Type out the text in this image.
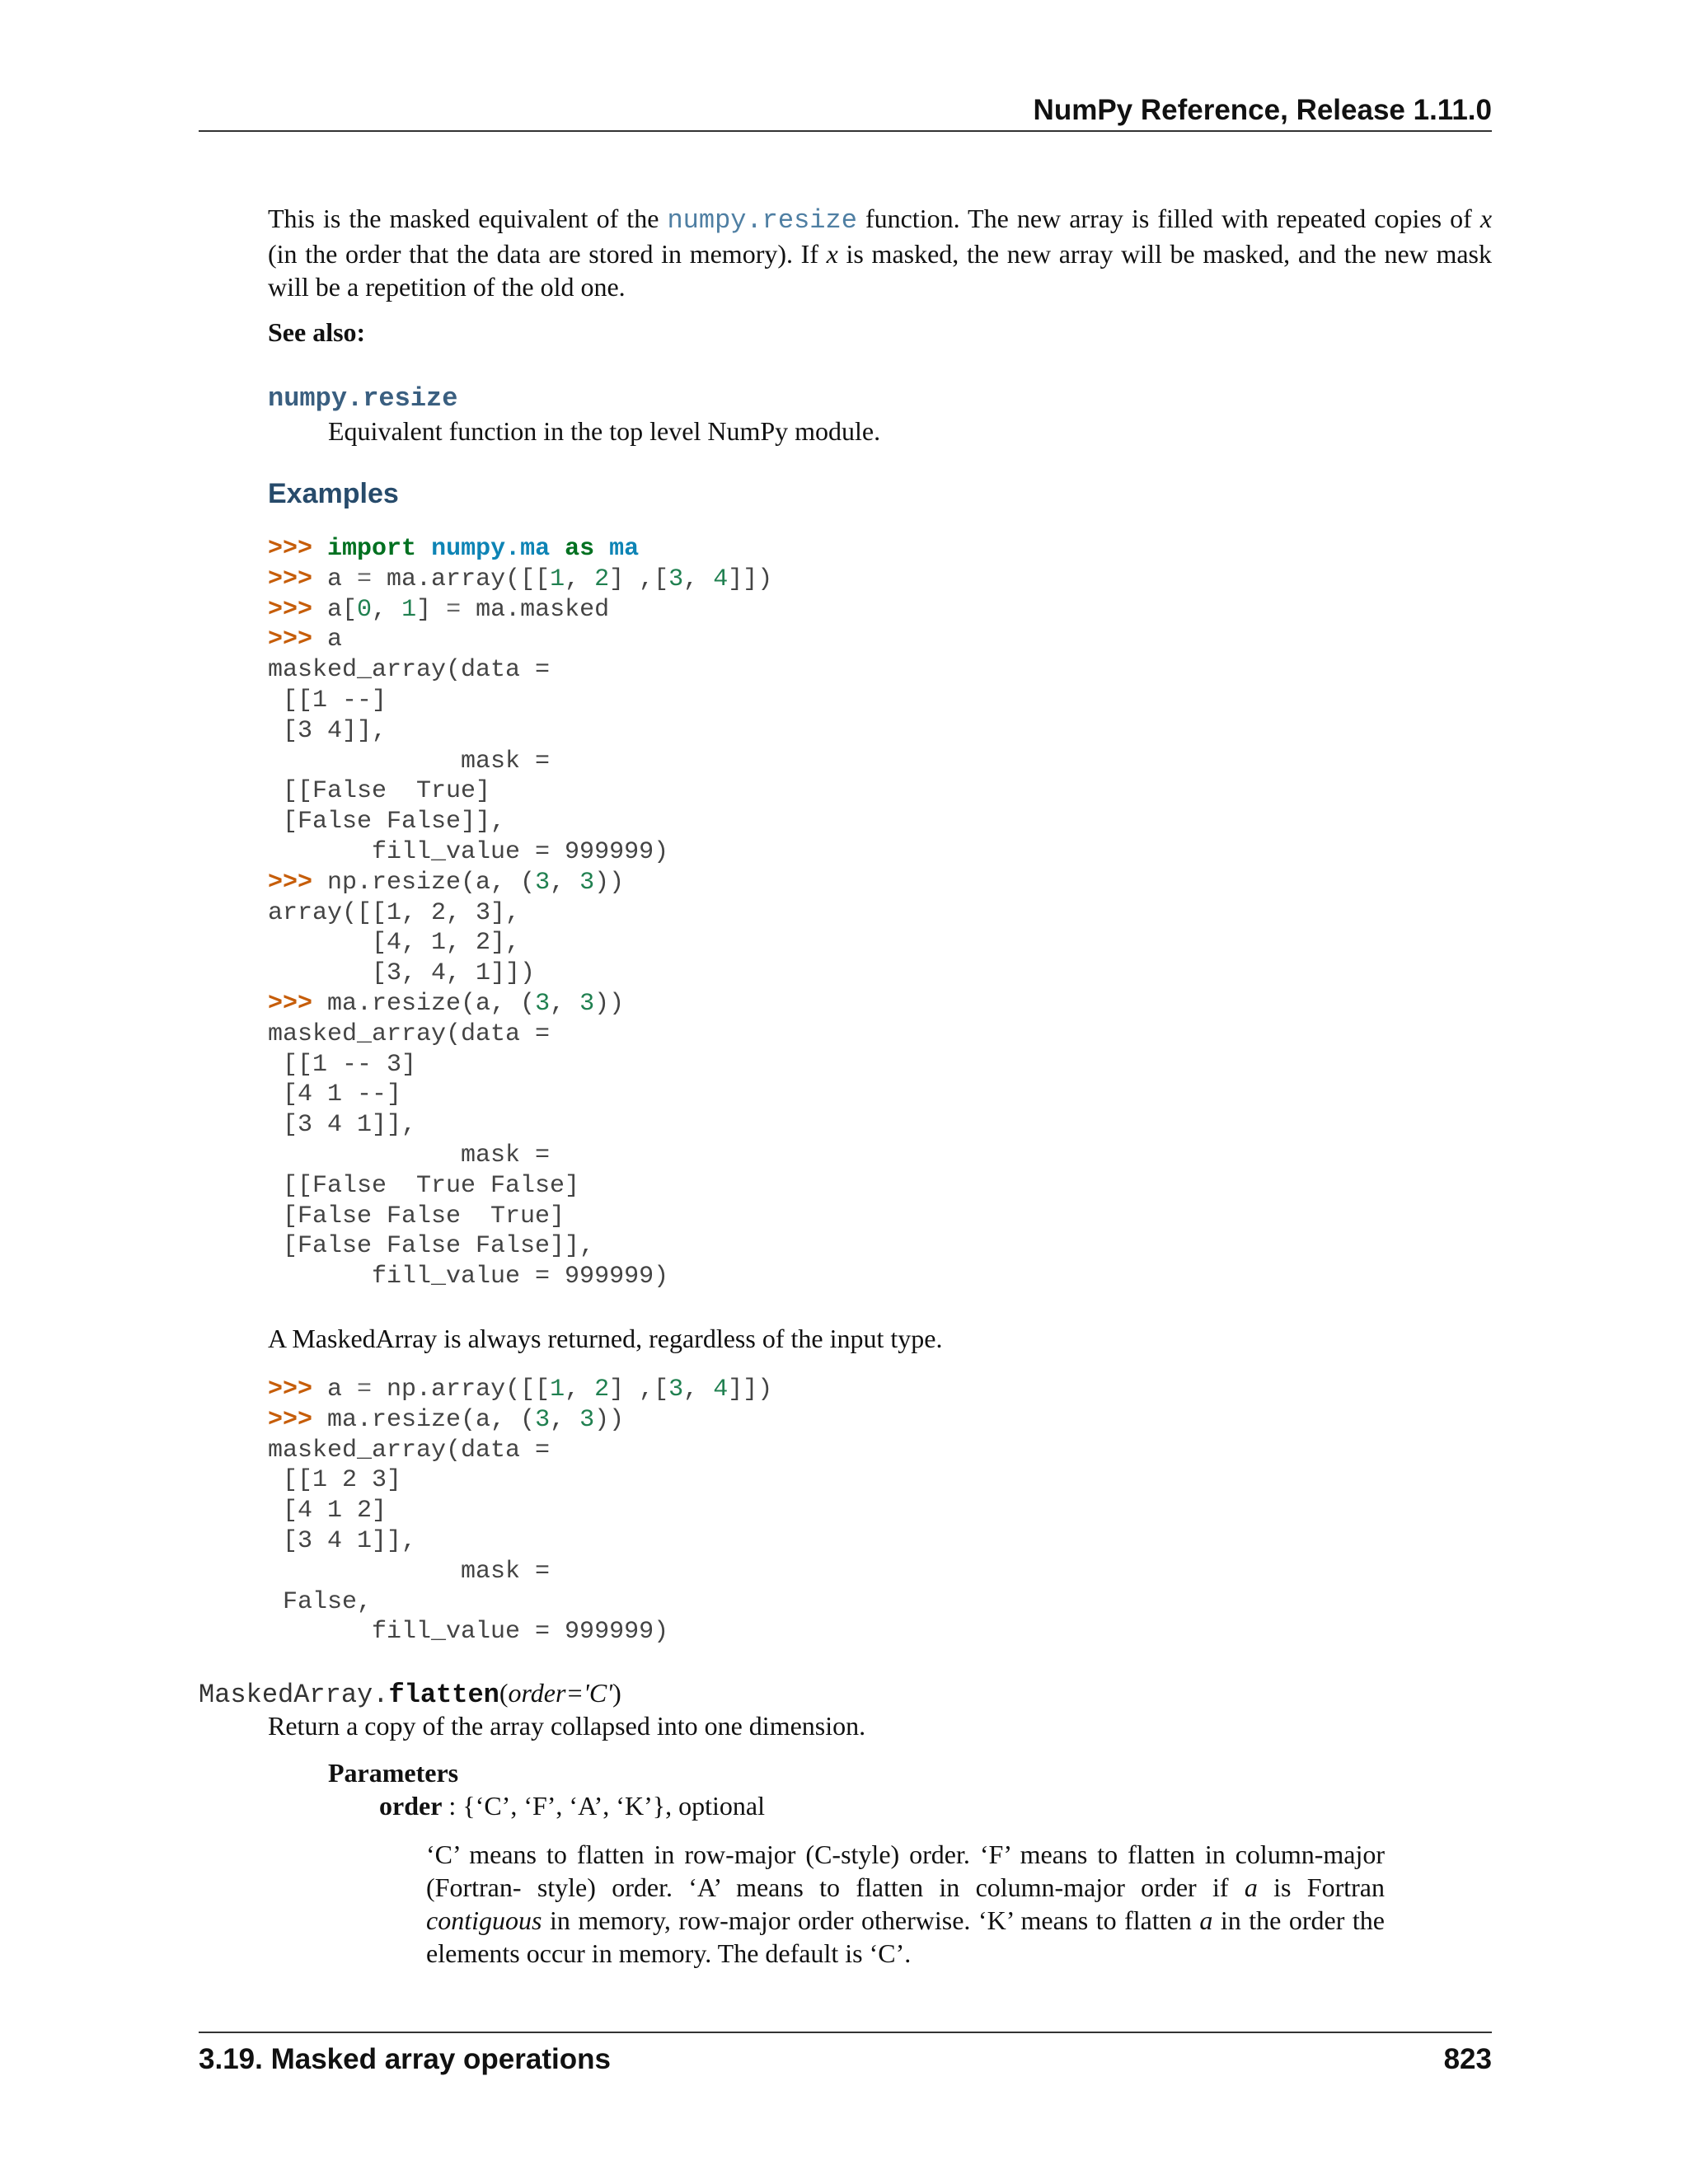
NumPy Reference, Release 1.11.0

This is the masked equivalent of the numpy.resize function. The new array is filled with repeated copies of x (in the order that the data are stored in memory). If x is masked, the new array will be masked, and the new mask will be a repetition of the old one.

See also:
numpy.resize
Equivalent function in the top level NumPy module.
Examples
>>> import numpy.ma as ma
>>> a = ma.array([[1, 2] ,[3, 4]])
>>> a[0, 1] = ma.masked
>>> a
masked_array(data =
[[1 --]
[3 4]],
mask =
[[False  True]
[False False]],
fill_value = 999999)
>>> np.resize(a, (3, 3))
array([[1, 2, 3],
[4, 1, 2],
[3, 4, 1]])
>>> ma.resize(a, (3, 3))
masked_array(data =
[[1 -- 3]
[4 1 --]
[3 4 1]],
mask =
[[False  True False]
[False False  True]
[False False False]],
fill_value = 999999)
A MaskedArray is always returned, regardless of the input type.
>>> a = np.array([[1, 2] ,[3, 4]])
>>> ma.resize(a, (3, 3))
masked_array(data =
[[1 2 3]
[4 1 2]
[3 4 1]],
mask =
False,
fill_value = 999999)
MaskedArray.flatten(order='C')
Return a copy of the array collapsed into one dimension.
Parameters
order : {‘C’, ‘F’, ‘A’, ‘K’}, optional

‘C’ means to flatten in row-major (C-style) order. ‘F’ means to flatten in column-major (Fortran- style) order. ‘A’ means to flatten in column-major order if a is Fortran contiguous in memory, row-major order otherwise. ‘K’ means to flatten a in the order the elements occur in memory. The default is ‘C’.

3.19. Masked array operations	823
